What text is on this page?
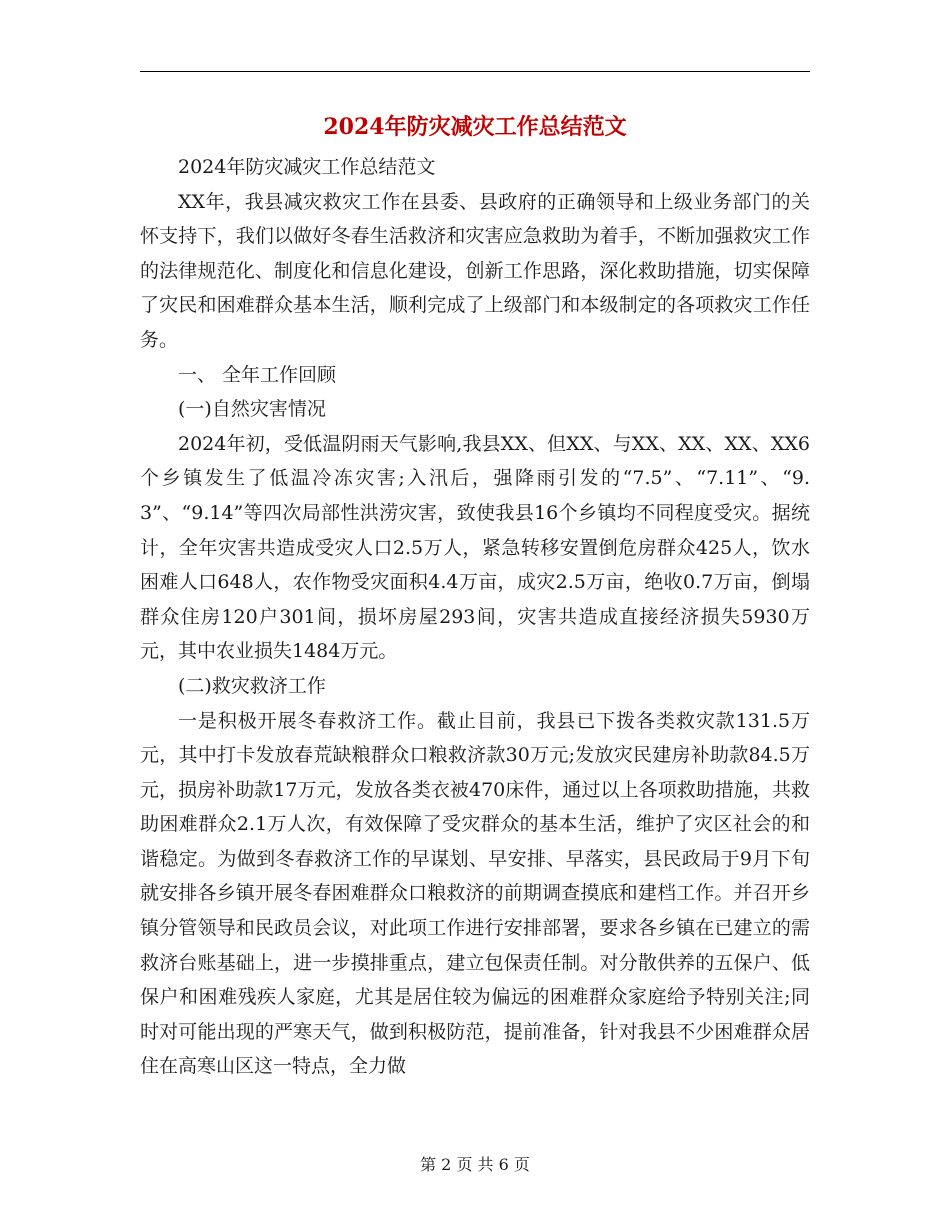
2024年防灾减灾工作总结范文

2024年防灾减灾工作总结范文

XX年，我县减灾救灾工作在县委、县政府的正确领导和上级业务部门的关怀支持下，我们以做好冬春生活救济和灾害应急救助为着手，不断加强救灾工作的法律规范化、制度化和信息化建设，创新工作思路，深化救助措施，切实保障了灾民和困难群众基本生活，顺利完成了上级部门和本级制定的各项救灾工作任务。

一、 全年工作回顾

(一)自然灾害情况

2024年初，受低温阴雨天气影响,我县XX、但XX、与XX、XX、XX、XX6个乡镇发生了低温冷冻灾害;入汛后，强降雨引发的“7.5”、“7.11”、“9.3”、“9.14”等四次局部性洪涝灾害，致使我县16个乡镇均不同程度受灾。据统计，全年灾害共造成受灾人口2.5万人，紧急转移安置倒危房群众425人，饮水困难人口648人，农作物受灾面积4.4万亩，成灾2.5万亩，绝收0.7万亩，倒塌群众住房120户301间，损坏房屋293间，灾害共造成直接经济损失5930万元，其中农业损失1484万元。

(二)救灾救济工作

一是积极开展冬春救济工作。截止目前，我县已下拨各类救灾款131.5万元，其中打卡发放春荒缺粮群众口粮救济款30万元;发放灾民建房补助款84.5万元，损房补助款17万元，发放各类衣被470床件，通过以上各项救助措施，共救助困难群众2.1万人次，有效保障了受灾群众的基本生活，维护了灾区社会的和谐稳定。为做到冬春救济工作的早谋划、早安排、早落实，县民政局于9月下旬就安排各乡镇开展冬春困难群众口粮救济的前期调查摸底和建档工作。并召开乡镇分管领导和民政员会议，对此项工作进行安排部署，要求各乡镇在已建立的需救济台账基础上，进一步摸排重点，建立包保责任制。对分散供养的五保户、低保户和困难残疾人家庭，尤其是居住较为偏远的困难群众家庭给予特别关注;同时对可能出现的严寒天气，做到积极防范，提前准备，针对我县不少困难群众居住在高寒山区这一特点，全力做

第 2 页 共 6 页
